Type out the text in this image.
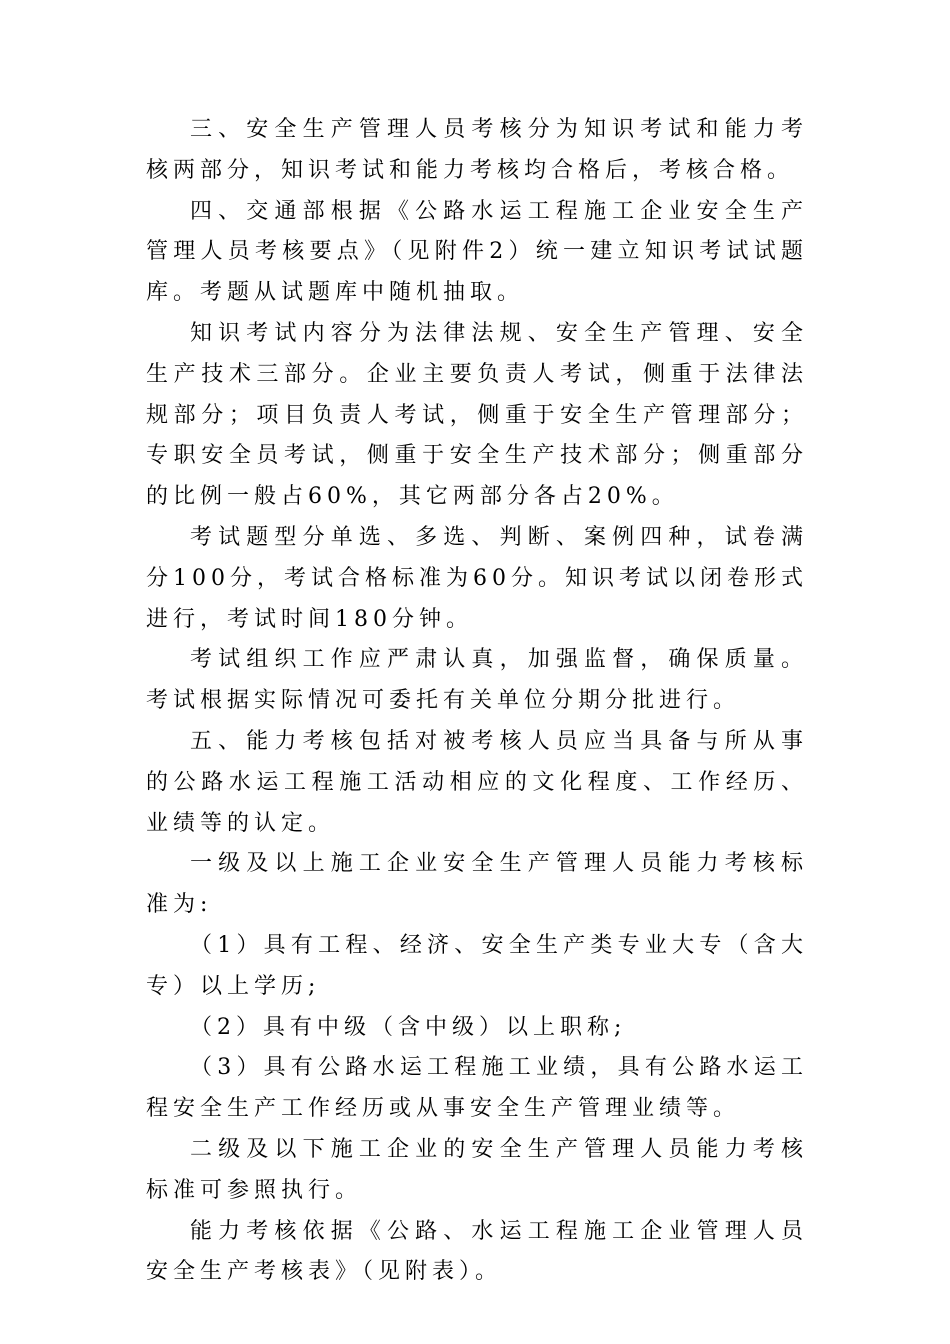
三、安全生产管理人员考核分为知识考试和能力考核两部分，知识考试和能力考核均合格后，考核合格。

四、交通部根据《公路水运工程施工企业安全生产管理人员考核要点》（见附件2）统一建立知识考试试题库。考题从试题库中随机抽取。

知识考试内容分为法律法规、安全生产管理、安全生产技术三部分。企业主要负责人考试，侧重于法律法规部分；项目负责人考试，侧重于安全生产管理部分；专职安全员考试，侧重于安全生产技术部分；侧重部分的比例一般占60%，其它两部分各占20%。

考试题型分单选、多选、判断、案例四种，试卷满分100分，考试合格标准为60分。知识考试以闭卷形式进行，考试时间180分钟。

考试组织工作应严肃认真，加强监督，确保质量。考试根据实际情况可委托有关单位分期分批进行。

五、能力考核包括对被考核人员应当具备与所从事的公路水运工程施工活动相应的文化程度、工作经历、业绩等的认定。

一级及以上施工企业安全生产管理人员能力考核标准为:

（1）具有工程、经济、安全生产类专业大专（含大专）以上学历;

（2）具有中级（含中级）以上职称;

（3）具有公路水运工程施工业绩，具有公路水运工程安全生产工作经历或从事安全生产管理业绩等。

二级及以下施工企业的安全生产管理人员能力考核标准可参照执行。

能力考核依据《公路、水运工程施工企业管理人员安全生产考核表》（见附表）。
